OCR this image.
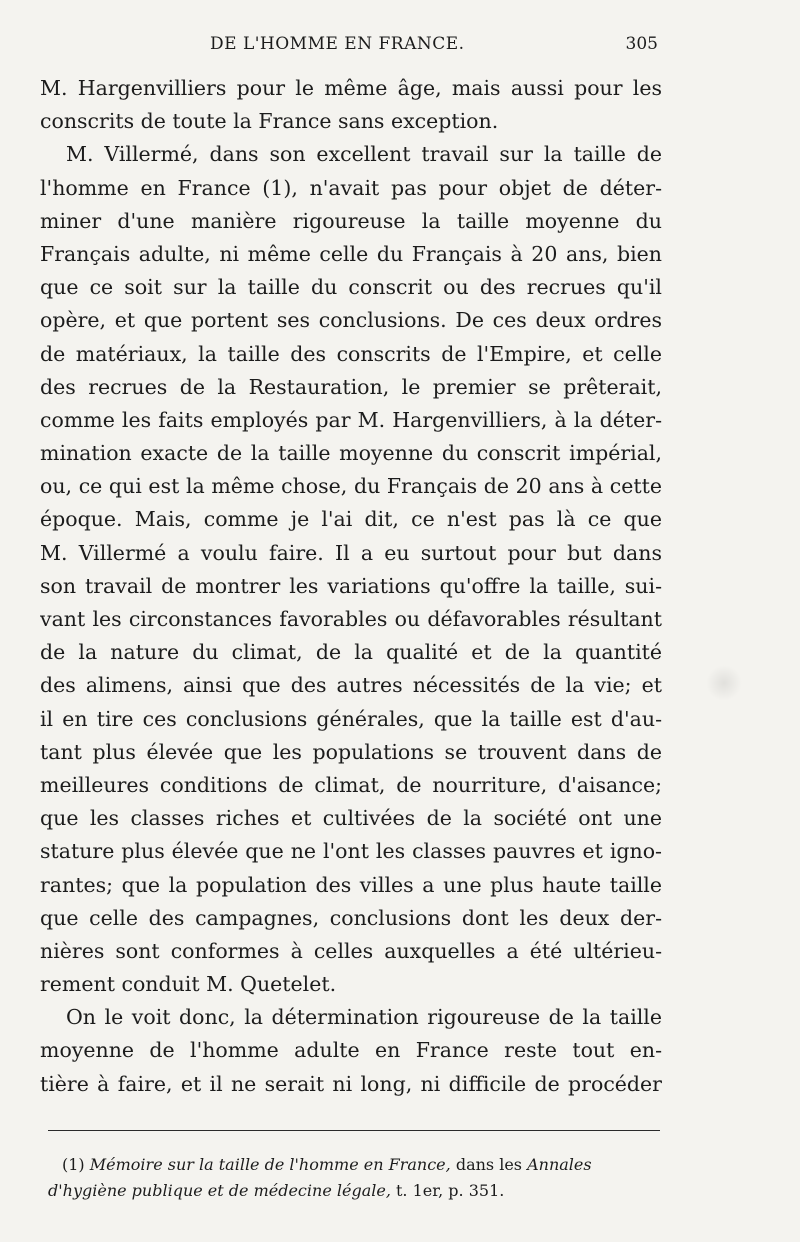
DE L'HOMME EN FRANCE.	305
M. Hargenvilliers pour le même âge, mais aussi pour les
conscrits de toute la France sans exception.
M. Villermé, dans son excellent travail sur la taille de
l'homme en France (1), n'avait pas pour objet de déter-
miner d'une manière rigoureuse la taille moyenne du
Français adulte, ni même celle du Français à 20 ans, bien
que ce soit sur la taille du conscrit ou des recrues qu'il
opère, et que portent ses conclusions. De ces deux ordres
de matériaux, la taille des conscrits de l'Empire, et celle
des recrues de la Restauration, le premier se prêterait,
comme les faits employés par M. Hargenvilliers, à la déter-
mination exacte de la taille moyenne du conscrit impérial,
ou, ce qui est la même chose, du Français de 20 ans à cette
époque. Mais, comme je l'ai dit, ce n'est pas là ce que
M. Villermé a voulu faire. Il a eu surtout pour but dans
son travail de montrer les variations qu'offre la taille, sui-
vant les circonstances favorables ou défavorables résultant
de la nature du climat, de la qualité et de la quantité
des alimens, ainsi que des autres nécessités de la vie; et
il en tire ces conclusions générales, que la taille est d'au-
tant plus élevée que les populations se trouvent dans de
meilleures conditions de climat, de nourriture, d'aisance;
que les classes riches et cultivées de la société ont une
stature plus élevée que ne l'ont les classes pauvres et igno-
rantes; que la population des villes a une plus haute taille
que celle des campagnes, conclusions dont les deux der-
nières sont conformes à celles auxquelles a été ultérieu-
rement conduit M. Quetelet.
On le voit donc, la détermination rigoureuse de la taille
moyenne de l'homme adulte en France reste tout en-
tière à faire, et il ne serait ni long, ni difficile de procéder
(1) Mémoire sur la taille de l'homme en France, dans les Annales
d'hygiène publique et de médecine légale, t. 1er, p. 351.
